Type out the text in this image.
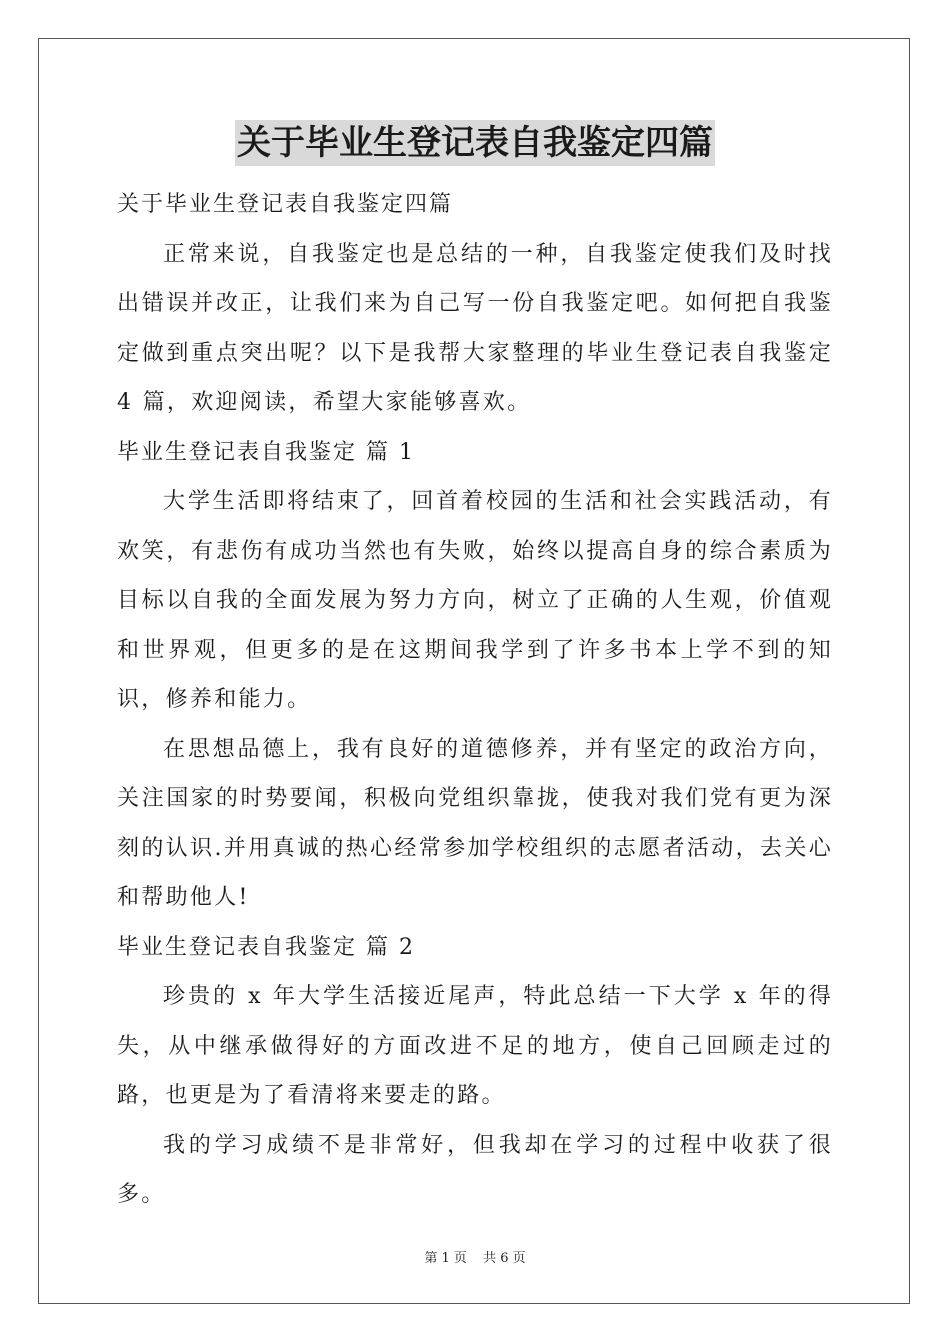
关于毕业生登记表自我鉴定四篇

关于毕业生登记表自我鉴定四篇

正常来说，自我鉴定也是总结的一种，自我鉴定使我们及时找出错误并改正，让我们来为自己写一份自我鉴定吧。如何把自我鉴定做到重点突出呢？以下是我帮大家整理的毕业生登记表自我鉴定 4 篇，欢迎阅读，希望大家能够喜欢。

毕业生登记表自我鉴定 篇 1

大学生活即将结束了，回首着校园的生活和社会实践活动，有欢笑，有悲伤有成功当然也有失败，始终以提高自身的综合素质为目标以自我的全面发展为努力方向，树立了正确的人生观，价值观和世界观，但更多的是在这期间我学到了许多书本上学不到的知识，修养和能力。

在思想品德上，我有良好的道德修养，并有坚定的政治方向，关注国家的时势要闻，积极向党组织靠拢，使我对我们党有更为深刻的认识.并用真诚的热心经常参加学校组织的志愿者活动，去关心和帮助他人!

毕业生登记表自我鉴定 篇 2

珍贵的 x 年大学生活接近尾声，特此总结一下大学 x 年的得失，从中继承做得好的方面改进不足的地方，使自己回顾走过的路，也更是为了看清将来要走的路。

我的学习成绩不是非常好，但我却在学习的过程中收获了很多。

第 1 页 共 6 页
